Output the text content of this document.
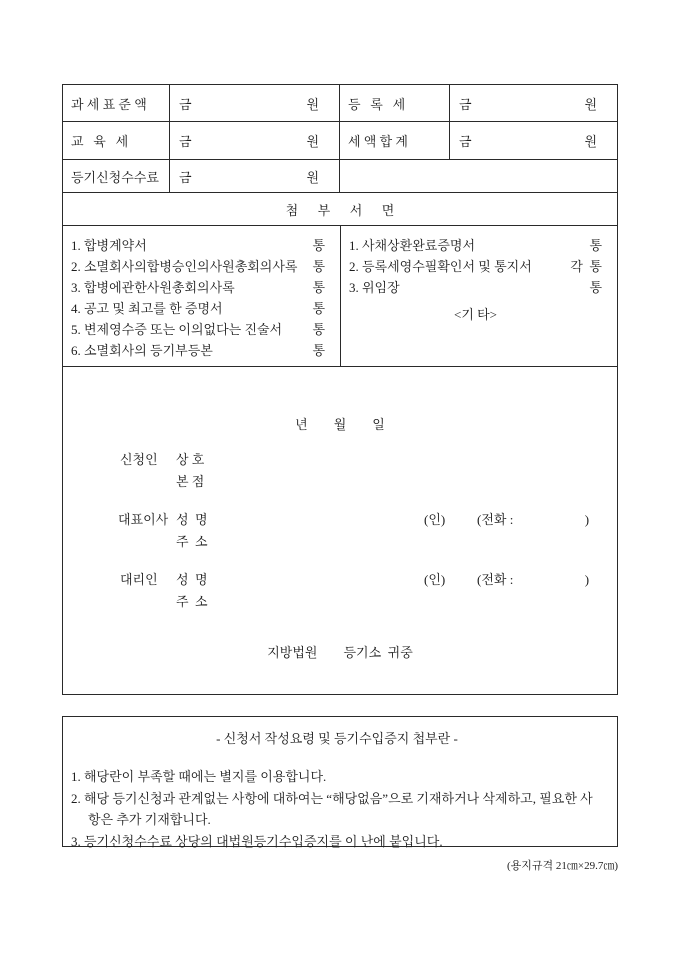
과 세 표 준 액	금	원	등   록   세	금	원
교   육   세	금	원	세 액 합 계	금	원
등기신청수수료	금	원
첨      부      서      면
1. 합병계약서	통
2. 소멸회사의합병승인의사원총회의사록 통
3. 합병에관한사원총회의사록	통
4. 공고 및 최고를 한 증명서	통
5. 변제영수증 또는 이의없다는 진술서 통
6. 소멸회사의 등기부등본	통
1. 사채상환완료증명서	통
2. 등록세영수필확인서 및 통지서	각  통
3. 위임장	통
<기 타>
년        월        일
신청인 상 호
본 점
대표이사 성  명	(인) (전화 :                      )
주  소
대리인 성  명	(인) (전화 :                      )
주  소
지방법원        등기소  귀중
- 신청서 작성요령 및 등기수입증지 첩부란 -
1. 해당란이 부족할 때에는 별지를 이용합니다.
2. 해당 등기신청과 관계없는 사항에 대하여는 “해당없음”으로 기재하거나 삭제하고, 필요한 사항은 추가 기재합니다.
3. 등기신청수수료 상당의 대법원등기수입증지를 이 난에 붙입니다.
(용지규격 21㎝×29.7㎝)
